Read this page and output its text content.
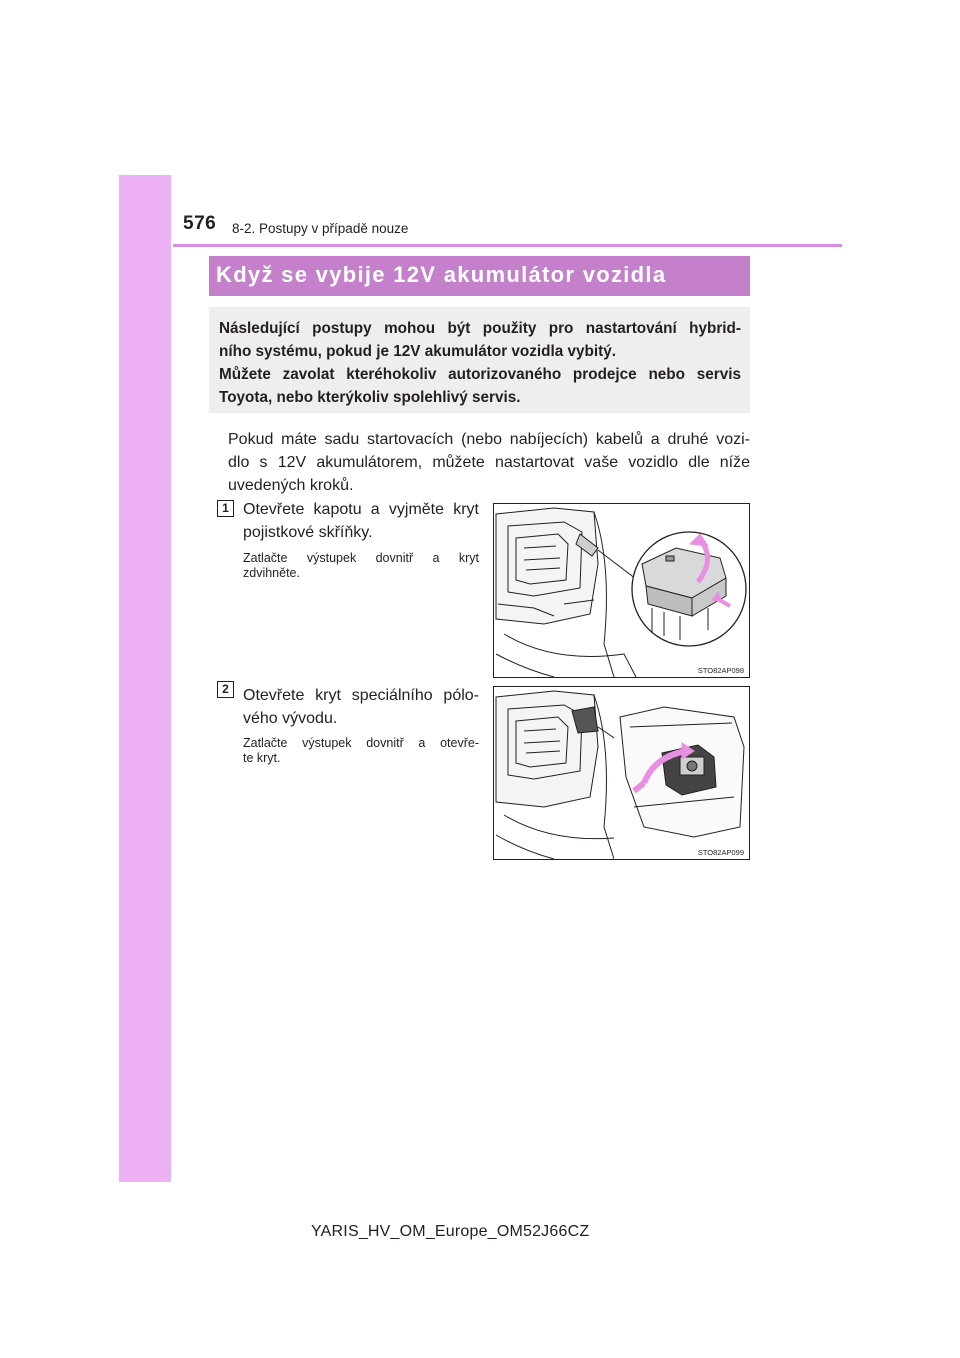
576 8-2. Postupy v případě nouze
Když se vybije 12V akumulátor vozidla
Následující postupy mohou být použity pro nastartování hybrid-
ního systému, pokud je 12V akumulátor vozidla vybitý.
Můžete zavolat kteréhokoliv autorizovaného prodejce nebo servis
Toyota, nebo kterýkoliv spolehlivý servis.
Pokud máte sadu startovacích (nebo nabíjecích) kabelů a druhé vozi-
dlo s 12V akumulátorem, můžete nastartovat vaše vozidlo dle níže
uvedených kroků.
1 Otevřete kapotu a vyjměte kryt
pojistkové skříňky.
Zatlačte výstupek dovnitř a kryt
zdvihněte.
STO82AP098
2 Otevřete kryt speciálního pólo-
vého vývodu.
Zatlačte výstupek dovnitř a otevře-
te kryt.
STO82AP099
YARIS_HV_OM_Europe_OM52J66CZ
